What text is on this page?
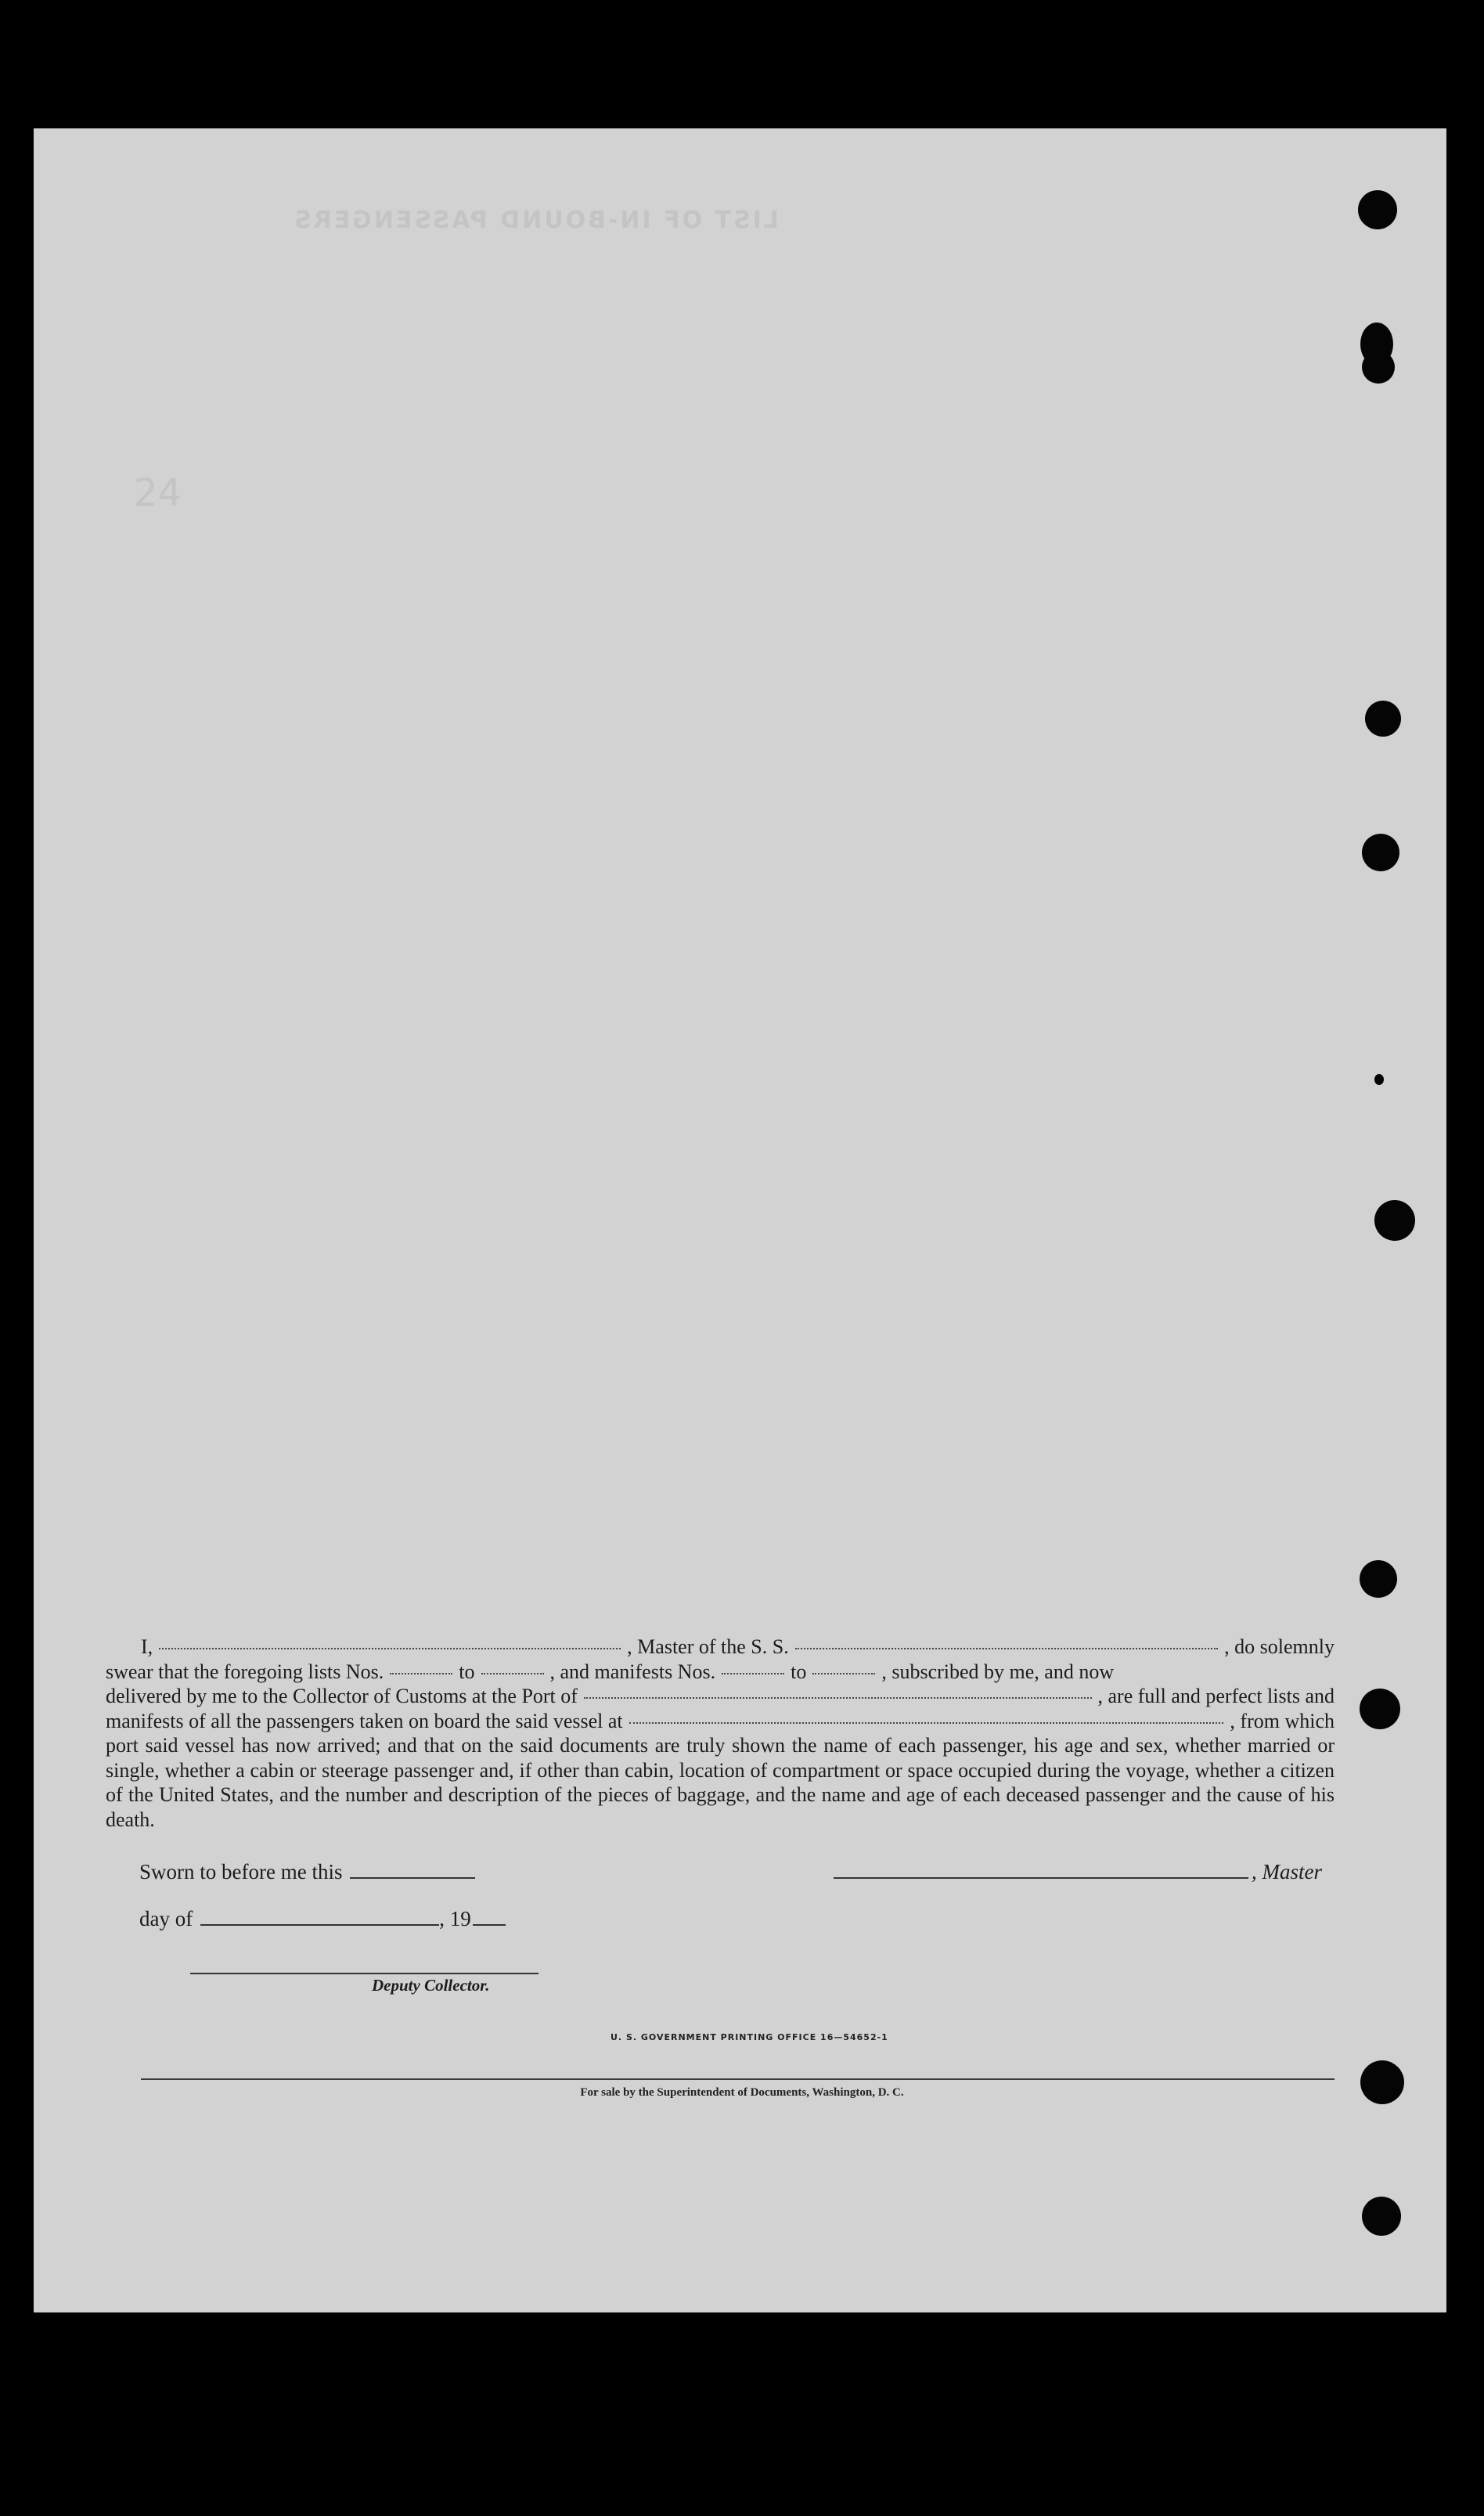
LIST OF IN-BOUND PASSENGERS
24
I,	, Master of the S. S.	, do solemnly
swear that the foregoing lists Nos.	to	, and manifests Nos.	to	, subscribed by me, and now
delivered by me to the Collector of Customs at the Port of	, are full and perfect lists and
manifests of all the passengers taken on board the said vessel at	, from which
port said vessel has now arrived; and that on the said documents are truly shown the name of each passenger, his age and sex, whether married or single, whether a cabin or steerage passenger and, if other than cabin, location of compartment or space occupied during the voyage, whether a citizen of the United States, and the number and description of the pieces of baggage, and the name and age of each deceased passenger and the cause of his death.
Sworn to before me this	, Master
day of	, 19
Deputy Collector.
U. S. GOVERNMENT PRINTING OFFICE 16—54652-1
For sale by the Superintendent of Documents, Washington, D. C.
